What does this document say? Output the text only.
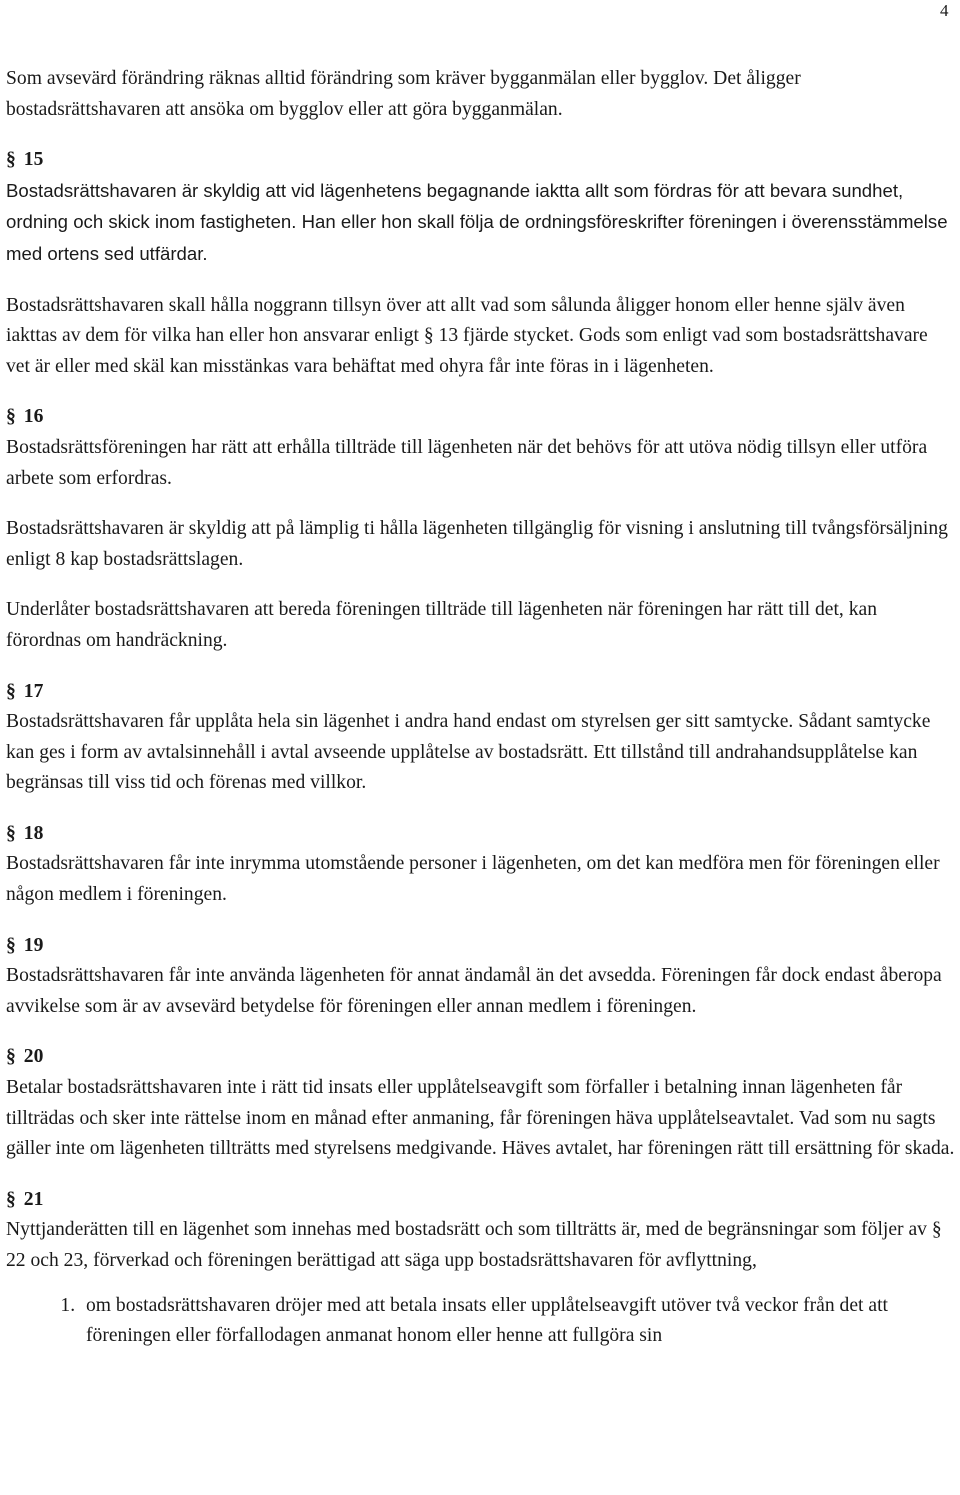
4

Som avsevärd förändring räknas alltid förändring som kräver bygganmälan eller bygglov. Det åligger bostadsrättshavaren att ansöka om bygglov eller att göra bygganmälan.

§ 15

Bostadsrättshavaren är skyldig att vid lägenhetens begagnande iaktta allt som fördras för att bevara sundhet, ordning och skick inom fastigheten. Han eller hon skall följa de ordningsföreskrifter föreningen i överensstämmelse med ortens sed utfärdar.

Bostadsrättshavaren skall hålla noggrann tillsyn över att allt vad som sålunda åligger honom eller henne själv även iakttas av dem för vilka han eller hon ansvarar enligt § 13 fjärde stycket. Gods som enligt vad som bostadsrättshavare vet är eller med skäl kan misstänkas vara behäftat med ohyra får inte föras in i lägenheten.

§ 16

Bostadsrättsföreningen har rätt att erhålla tillträde till lägenheten när det behövs för att utöva nödig tillsyn eller utföra arbete som erfordras.

Bostadsrättshavaren är skyldig att på lämplig ti hålla lägenheten tillgänglig för visning i anslutning till tvångsförsäljning enligt 8 kap bostadsrättslagen.

Underlåter bostadsrättshavaren att bereda föreningen tillträde till lägenheten när föreningen har rätt till det, kan förordnas om handräckning.

§ 17

Bostadsrättshavaren får upplåta hela sin lägenhet i andra hand endast om styrelsen ger sitt samtycke. Sådant samtycke kan ges i form av avtalsinnehåll i avtal avseende upplåtelse av bostadsrätt. Ett tillstånd till andrahandsupplåtelse kan begränsas till viss tid och förenas med villkor.

§ 18

Bostadsrättshavaren får inte inrymma utomstående personer i lägenheten, om det kan medföra men för föreningen eller någon medlem i föreningen.

§ 19

Bostadsrättshavaren får inte använda lägenheten för annat ändamål än det avsedda. Föreningen får dock endast åberopa avvikelse som är av avsevärd betydelse för föreningen eller annan medlem i föreningen.

§ 20

Betalar bostadsrättshavaren inte i rätt tid insats eller upplåtelseavgift som förfaller i betalning innan lägenheten får tillträdas och sker inte rättelse inom en månad efter anmaning, får föreningen häva upplåtelseavtalet. Vad som nu sagts gäller inte om lägenheten tillträtts med styrelsens medgivande. Häves avtalet, har föreningen rätt till ersättning för skada.

§ 21

Nyttjanderätten till en lägenhet som innehas med bostadsrätt och som tillträtts är, med de begränsningar som följer av § 22 och 23, förverkad och föreningen berättigad att säga upp bostadsrättshavaren för avflyttning,

1. om bostadsrättshavaren dröjer med att betala insats eller upplåtelseavgift utöver två veckor från det att föreningen eller förfallodagen anmanat honom eller henne att fullgöra sin
